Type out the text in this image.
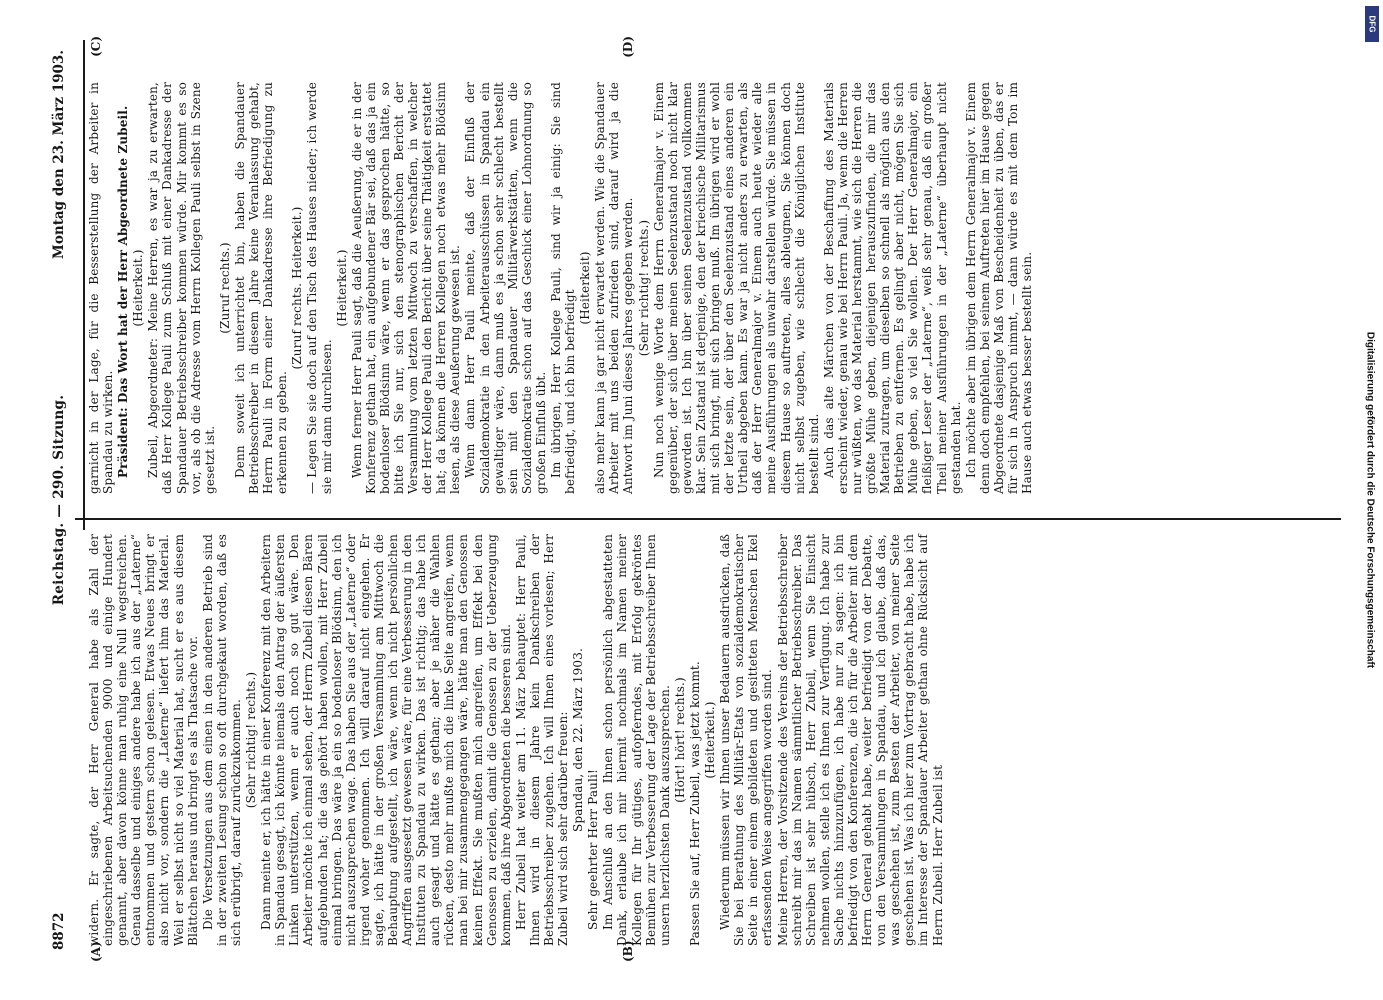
8872
Reichstag. — 290. Sitzung.
Montag den 23. März 1903.
(A)	(B)
(C)	(D)

widern. Er sagte, der Herr General habe als Zahl der eingeschriebenen Arbeitsuchenden 9000 und einige Hundert genannt, aber davon könne man ruhig eine Null wegstreichen. Genau dasselbe und einiges andere habe ich aus der „Laterne“ entnommen und gestern schon gelesen. Etwas Neues bringt er also nicht vor, sondern die „Laterne“ liefert ihm das Material. Weil er selbst nicht so viel Material hat, sucht er es aus diesem Blättchen heraus und bringt es als Thatsache vor. Die Versetzungen aus dem einen in den anderen Betrieb sind in der zweiten Lesung schon so oft durchgekaut worden, daß es sich erübrigt, darauf zurückzukommen. (Sehr richtig! rechts.) Dann meinte er, ich hätte in einer Konferenz mit den Arbeitern in Spandau gesagt, ich könnte niemals den Antrag der äußersten Linken unterstützen, wenn er auch noch so gut wäre. Den Arbeiter möchte ich einmal sehen, der Herrn Zubeil diesen Bären aufgebunden hat; die das gehört haben wollen, mit Herr Zubeil einmal bringen. Das wäre ja ein so bodenloser Blödsinn, den ich nicht auszusprechen wage. Das haben Sie aus der „Laterne“ oder irgend woher genommen. Ich will darauf nicht eingehen. Er sagte, ich hätte in der großen Versammlung am Mittwoch die Behauptung aufgestellt, ich wäre, wenn ich nicht persönlichen Angriffen ausgesetzt gewesen wäre, für eine Verbesserung in den Instituten zu Spandau zu wirken. Das ist richtig; das habe ich auch gesagt und hätte es gethan; aber je näher die Wahlen rücken, desto mehr mußte mich die linke Seite angreifen, wenn man bei mir zusammengegangen wäre, hätte man den Genossen keinen Effekt. Sie mußten mich angreifen, um Effekt bei den Genossen zu erzielen, damit die Genossen zu der Ueberzeugung kommen, daß ihre Abgeordneten die besseren sind. Herr Zubeil hat weiter am 11. März behauptet: Herr Pauli, Ihnen wird in diesem Jahre kein Dankschreiben der Betriebsschreiber zugehen. Ich will Ihnen eines vorlesen; Herr Zubeil wird sich sehr darüber freuen: Spandau, den 22. März 1903.

Sehr geehrter Herr Pauli! Im Anschluß an den Ihnen schon persönlich abgestatteten Dank, erlaube ich mir hiermit nochmals im Namen meiner Kollegen für Ihr gütiges, aufopferndes, mit Erfolg gekröntes Bemühen zur Verbesserung der Lage der Betriebsschreiber Ihnen unsern herzlichsten Dank auszusprechen. (Hört! hört! rechts.) Passen Sie auf, Herr Zubeil, was jetzt kommt. (Heiterkeit.) Wiederum müssen wir Ihnen unser Bedauern ausdrücken, daß Sie bei Berathung des Militär-Etats von sozialdemokratischer Seite in einer einem gebildeten und gesitteten Menschen Ekel erfassenden Weise angegriffen worden sind. Meine Herren, der Vorsitzende des Vereins der Betriebsschreiber schreibt mir das im Namen sämmtlicher Betriebsschreiber. Das Schreiben ist sehr hübsch, Herr Zubeil, wenn Sie Einsicht nehmen wollen, stelle ich es Ihnen zur Verfügung. Ich habe zur Sache nichts hinzuzufügen, ich habe nur zu sagen: ich bin befriedigt von den Konferenzen, die ich für die Arbeiter mit dem Herrn General gehabt habe, weiter befriedigt von der Debatte, von den Versammlungen in Spandau, und ich glaube, daß das, was geschehen ist, zum Besten der Arbeiter, von meiner Seite geschehen ist. Was ich hier zum Vortrag gebracht habe, habe ich im Interesse der Spandauer Arbeiter gethan ohne Rücksicht auf Herrn Zubeil. Herr Zubeil ist

garnicht in der Lage, für die Besserstellung der Arbeiter in Spandau zu wirken. Präsident: Das Wort hat der Herr Abgeordnete Zubeil. (Heiterkeit.) Zubeil, Abgeordneter: Meine Herren, es war ja zu erwarten, daß Herr Kollege Pauli zum Schluß mit einer Dankadresse der Spandauer Betriebsschreiber kommen würde. Mir kommt es so vor, als ob die Adresse vom Herrn Kollegen Pauli selbst in Szene gesetzt ist.

(Zuruf rechts.) Denn soweit ich unterrichtet bin, haben die Spandauer Betriebsschreiber in diesem Jahre keine Veranlassung gehabt, Herrn Pauli in Form einer Dankadresse ihre Befriedigung zu erkennen zu geben.

(Zuruf rechts. Heiterkeit.) — Legen Sie sie doch auf den Tisch des Hauses nieder; ich werde sie mir dann durchlesen.

(Heiterkeit.) Wenn ferner Herr Pauli sagt, daß die Aeußerung, die er in der Konferenz gethan hat, ein aufgebundener Bär sei, daß das ja ein bodenloser Blödsinn wäre, wenn er das gesprochen hätte, so bitte ich Sie nur, sich den stenographischen Bericht der Versammlung vom letzten Mittwoch zu verschaffen, in welcher der Herr Kollege Pauli den Bericht über seine Thätigkeit erstattet hat; da können die Herren Kollegen noch etwas mehr Blödsinn lesen, als diese Aeußerung gewesen ist. Wenn dann Herr Pauli meinte, daß der Einfluß der Sozialdemokratie in den Arbeiterausschüssen in Spandau ein gewaltiger wäre, dann muß es ja schon sehr schlecht bestellt sein mit den Spandauer Militärwerkstätten, wenn die Sozialdemokratie schon auf das Geschick einer Lohnordnung so großen Einfluß übt. Im übrigen, Herr Kollege Pauli, sind wir ja einig: Sie sind befriedigt, und ich bin befriedigt

(Heiterkeit) also mehr kann ja gar nicht erwartet werden. Wie die Spandauer Arbeiter mit uns beiden zufrieden sind, darauf wird ja die Antwort im Juni dieses Jahres gegeben werden. (Sehr richtig! rechts.) Nun noch wenige Worte dem Herrn Generalmajor v. Einem gegenüber, der sich über meinen Seelenzustand noch nicht klar geworden ist. Ich bin über seinen Seelenzustand vollkommen klar. Sein Zustand ist derjenige, den der kriechische Militarismus mit sich bringt, mit sich bringen muß. Im übrigen wird er wohl der letzte sein, der über den Seelenzustand eines anderen ein Urtheil abgeben kann. Es war ja nicht anders zu erwarten, als daß der Herr Generalmajor v. Einem auch heute wieder alle meine Ausführungen als unwahr darstellen würde. Sie müssen in diesem Hause so auftreten, alles ableugnen, Sie können doch nicht selbst zugeben, wie schlecht die Königlichen Institute bestellt sind. Auch das alte Märchen von der Beschaffung des Materials erscheint wieder, genau wie bei Herrn Pauli. Ja, wenn die Herren nur wüßten, wo das Material herstammt, wie sich die Herren die größte Mühe geben, diejenigen herauszufinden, die mir das Material zutragen, um dieselben so schnell als möglich aus den Betrieben zu entfernen. Es gelingt aber nicht, mögen Sie sich Mühe geben, so viel Sie wollen. Der Herr Generalmajor, ein fleißiger Leser der „Laterne“, weiß sehr genau, daß ein großer Theil meiner Ausführungen in der „Laterne“ überhaupt nicht gestanden hat. Ich möchte aber im übrigen dem Herrn Generalmajor v. Einem denn doch empfehlen, bei seinem Auftreten hier im Hause gegen Abgeordnete dasjenige Maß von Bescheidenheit zu üben, das er für sich in Anspruch nimmt, — dann würde es mit dem Ton im Hause auch etwas besser bestellt sein.

DFG
Digitalisierung gefördert durch die Deutsche Forschungsgemeinschaft
